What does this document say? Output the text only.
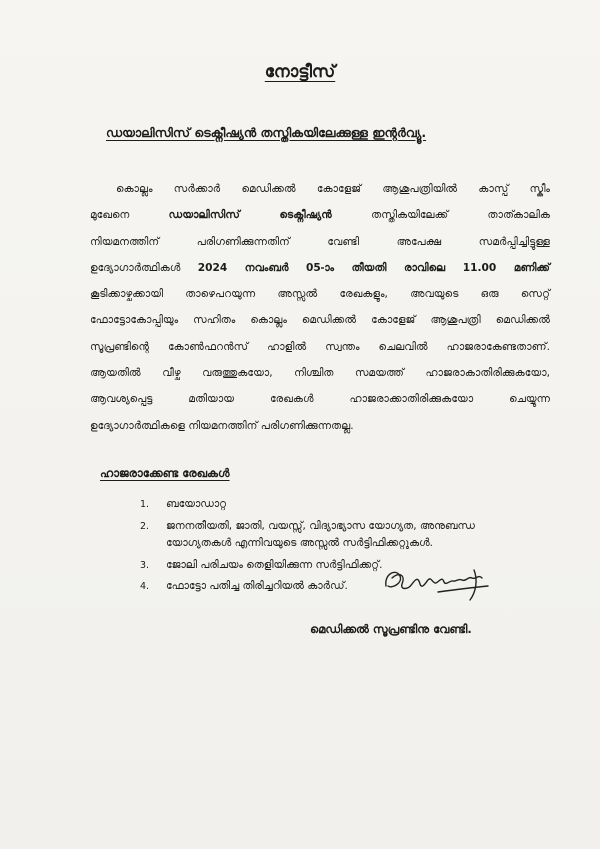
നോട്ടീസ്
ഡയാലിസിസ് ടെക്നീഷ്യൻ തസ്തികയിലേക്കുള്ള ഇന്റർവ്യൂ.
കൊല്ലം സർക്കാർ മെഡിക്കൽ കോളേജ് ആശുപത്രിയിൽ കാസ്പ് സ്കീം
മുഖേനെ ഡയാലിസിസ് ടെക്നീഷ്യൻ തസ്തികയിലേക്ക് താത്കാലിക
നിയമനത്തിന് പരിഗണിക്കുന്നതിന് വേണ്ടി അപേക്ഷ സമർപ്പിച്ചിട്ടുള്ള
ഉദ്യോഗാർത്ഥികൾ 2024 നവംബർ 05-ാം തീയതി രാവിലെ 11.00 മണിക്ക്
കൂടിക്കാഴ്ചക്കായി താഴെപറയുന്ന അസ്സൽ രേഖകളും, അവയുടെ ഒരു സെറ്റ്
ഫോട്ടോകോപ്പിയും സഹിതം കൊല്ലം മെഡിക്കൽ കോളേജ് ആശുപത്രി മെഡിക്കൽ
സൂപ്രണ്ടിന്റെ കോൺഫറൻസ് ഹാളിൽ സ്വന്തം ചെലവിൽ ഹാജരാകേണ്ടതാണ്.
ആയതിൽ വീഴ്ച വരുത്തുകയോ, നിശ്ചിത സമയത്ത് ഹാജരാകാതിരിക്കുകയോ,
ആവശ്യപ്പെട്ട മതിയായ രേഖകൾ ഹാജരാക്കാതിരിക്കുകയോ ചെയ്യുന്ന
ഉദ്യോഗാർത്ഥികളെ നിയമനത്തിന് പരിഗണിക്കുന്നതല്ല.
ഹാജരാക്കേണ്ട രേഖകൾ
1. ബയോഡാറ്റ
2. ജനനതീയതി, ജാതി, വയസ്സ്, വിദ്യാഭ്യാസ യോഗ്യത, അനുബന്ധ യോഗ്യതകൾ എന്നിവയുടെ അസ്സൽ സർട്ടിഫിക്കറ്റുകൾ.
3. ജോലി പരിചയം തെളിയിക്കുന്ന സർട്ടിഫിക്കറ്റ്.
4. ഫോട്ടോ പതിച്ച തിരിച്ചറിയൽ കാർഡ്.
മെഡിക്കൽ സൂപ്രണ്ടിനു വേണ്ടി.
